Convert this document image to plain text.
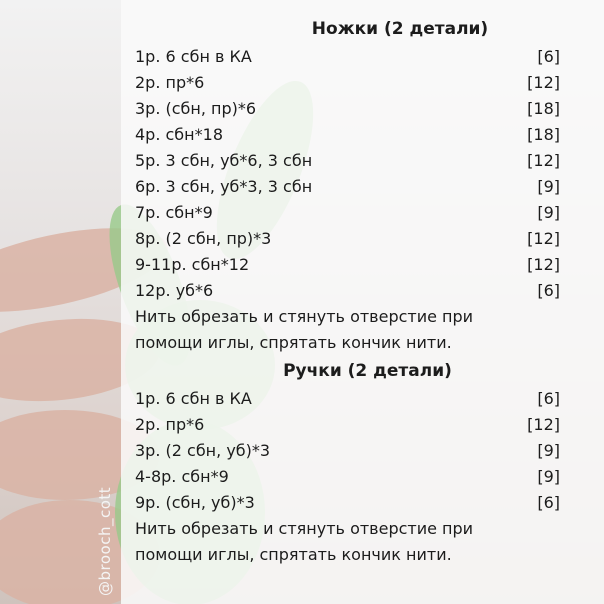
@brooch_cott
Ножки (2 детали)
1р. 6 сбн в КА	[6]
2р. пр*6	[12]
3р. (сбн, пр)*6	[18]
4р. сбн*18	[18]
5р. 3 сбн, уб*6, 3 сбн	[12]
6р. 3 сбн, уб*3, 3 сбн	[9]
7р. сбн*9	[9]
8р. (2 сбн, пр)*3	[12]
9-11р. сбн*12	[12]
12р. уб*6	[6]
Нить обрезать и стянуть отверстие при
помощи иглы, спрятать кончик нити.
Ручки (2 детали)
1р. 6 сбн в КА	[6]
2р. пр*6	[12]
3р. (2 сбн, уб)*3	[9]
4-8р. сбн*9	[9]
9р. (сбн, уб)*3	[6]
Нить обрезать и стянуть отверстие при
помощи иглы, спрятать кончик нити.
